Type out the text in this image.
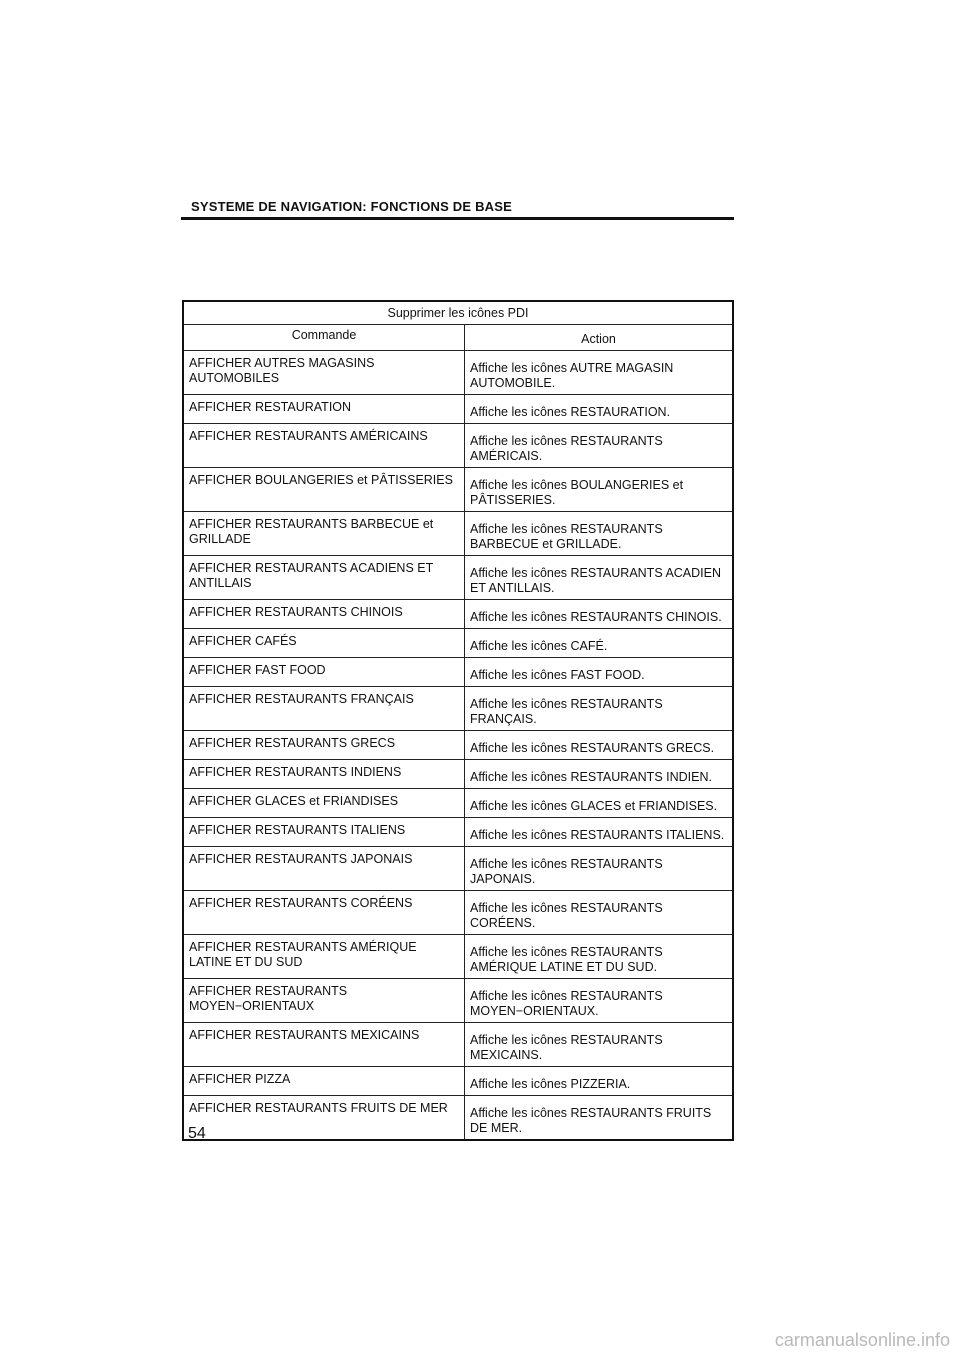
SYSTEME DE NAVIGATION: FONCTIONS DE BASE
Supprimer les icônes PDI	
Commande	Action
AFFICHER AUTRES MAGASINS AUTOMOBILES	Affiche les icônes AUTRE MAGASIN AUTOMOBILE.
AFFICHER RESTAURATION	Affiche les icônes RESTAURATION.
AFFICHER RESTAURANTS AMÉRICAINS	Affiche les icônes RESTAURANTS AMÉRICAIS.
AFFICHER BOULANGERIES et PÂTISSERIES	Affiche les icônes BOULANGERIES et PÂTISSERIES.
AFFICHER RESTAURANTS BARBECUE et GRILLADE	Affiche les icônes RESTAURANTS BARBECUE et GRILLADE.
AFFICHER RESTAURANTS ACADIENS ET ANTILLAIS	Affiche les icônes RESTAURANTS ACADIEN ET ANTILLAIS.
AFFICHER RESTAURANTS CHINOIS	Affiche les icônes RESTAURANTS CHINOIS.
AFFICHER CAFÉS	Affiche les icônes CAFÉ.
AFFICHER FAST FOOD	Affiche les icônes FAST FOOD.
AFFICHER RESTAURANTS FRANÇAIS	Affiche les icônes RESTAURANTS FRANÇAIS.
AFFICHER RESTAURANTS GRECS	Affiche les icônes RESTAURANTS GRECS.
AFFICHER RESTAURANTS INDIENS	Affiche les icônes RESTAURANTS INDIEN.
AFFICHER GLACES et FRIANDISES	Affiche les icônes GLACES et FRIANDISES.
AFFICHER RESTAURANTS ITALIENS	Affiche les icônes RESTAURANTS ITALIENS.
AFFICHER RESTAURANTS JAPONAIS	Affiche les icônes RESTAURANTS JAPONAIS.
AFFICHER RESTAURANTS CORÉENS	Affiche les icônes RESTAURANTS CORÉENS.
AFFICHER RESTAURANTS AMÉRIQUE LATINE ET DU SUD	Affiche les icônes RESTAURANTS AMÉRIQUE LATINE ET DU SUD.
AFFICHER RESTAURANTS MOYEN−ORIENTAUX	Affiche les icônes RESTAURANTS MOYEN−ORIENTAUX.
AFFICHER RESTAURANTS MEXICAINS	Affiche les icônes RESTAURANTS MEXICAINS.
AFFICHER PIZZA	Affiche les icônes PIZZERIA.
AFFICHER RESTAURANTS FRUITS DE MER	Affiche les icônes RESTAURANTS FRUITS DE MER.
54
carmanualsonline.info
